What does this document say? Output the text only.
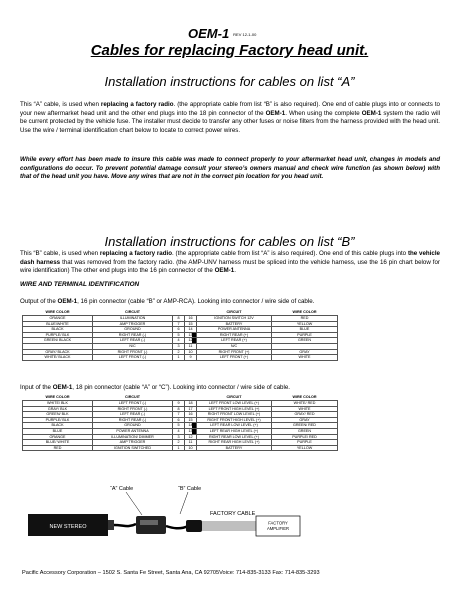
OEM-1 REV 12-1-00
Cables for replacing Factory head unit.
Installation instructions for cables on list “A”
This “A” cable, is used when replacing a factory radio. (the appropriate cable from list “B” is also required). One end of cable plugs into or connects to your new aftermarket head unit and the other end plugs into the 18 pin connector of the OEM-1. When using the complete OEM-1 system the radio will be current protected by the vehicle fuse. The installer must decide to transfer any other fuses or noise filters from the harness provided with the head unit. Use the wire / terminal identification chart below to locate to correct power wires.
While every effort has been made to insure this cable was made to connect properly to your aftermarket head unit, changes in models and configurations do occur. To prevent potential damage consult your stereo’s owners manual and check wire function (as shown below) with that of the head unit you have. Move any wires that are not in the correct pin location for you head unit.
Installation instructions for cables on list “B”
This “B” cable, is used when replacing a factory radio. (the appropriate cable from list “A” is also required). One end of this cable plugs into the vehicle dash harness that was removed from the factory radio. (the AMP-UNV harness must be spliced into the vehicle harness, use the 16 pin chart below for wire identification) The other end plugs into the 16 pin connector of the OEM-1.
WIRE AND TERMINAL IDENTIFICATION
Output of the OEM-1, 16 pin connector (cable “B” or AMP-RCA). Looking into connector / wire side of cable.
WIRE COLOR	CIRCUIT			CIRCUIT	WIRE COLOR
ORANGE	ILLUMINATION	8	16	IGNITION SWITCH 12V	RED
BLUE/WHITE	AMP TRIGGER	7	15	BATTERY	YELLOW
BLACK	GROUND	6	14	POWER ANTENNA	BLUE
PURPLE/ BLK	RIGHT REAR (-)	5	13	RIGHT REAR (+)	PURPLE
GREEN/ BLACK	LEFT REAR (-)	4	12	LEFT REAR (+)	GREEN
	N/C	3	11	N/C	
GRAY/ BLACK	RIGHT FRONT (-)	2	10	RIGHT FRONT (+)	GRAY
WHITE/ BLACK	LEFT FRONT (-)	1	9	LEFT FRONT (+)	WHITE
Input of the OEM-1, 18 pin connector (cable “A” or “C”). Looking into connector / wire side of cable.
WIRE COLOR	CIRCUIT			CIRCUIT	WIRE COLOR
WHITE/ BLK	LEFT FRONT (-)	9	18	LEFT FRONT LOW LEVEL (+)	WHITE/ RED
GRAY/ BLK	RIGHT FRONT (-)	8	17	LEFT FRONT HIGH LEVEL (+)	WHITE
GREEN/ BLK	LEFT REAR (-)	7	16	RIGHT FRONT LOW LEVEL (+)	GRAY/ RED
PURPLE/ BLK	RIGHT REAR (-)	6	15	RIGHT FRONT HIGH LEVEL (+)	GRAY
BLACK	GROUND	5	14	LEFT REAR LOW LEVEL (+)	GREEN/ RED
BLUE	POWER ANTENNA	4	13	LEFT REAR HIGH LEVEL (+)	GREEN
ORANGE	ILLUMINATION/ DIMMER	3	12	RIGHT REAR LOW LEVEL (+)	PURPLE/ RED
BLUE/ WHITE	AMP TRIGGER	2	11	RIGHT REAR HIGH LEVEL (+)	PURPLE
RED	IGNITION SWITCHED	1	10	BATTERY	YELLOW
“A” Cable	“B” Cable
NEW STEREO
FACTORY CABLE
FACTORY
AMPLIFIER
Pacific Accessory Corporation – 1502 S. Santa Fe Street, Santa Ana, CA 92705Voice: 714-835-3133 Fax: 714-835-3293
